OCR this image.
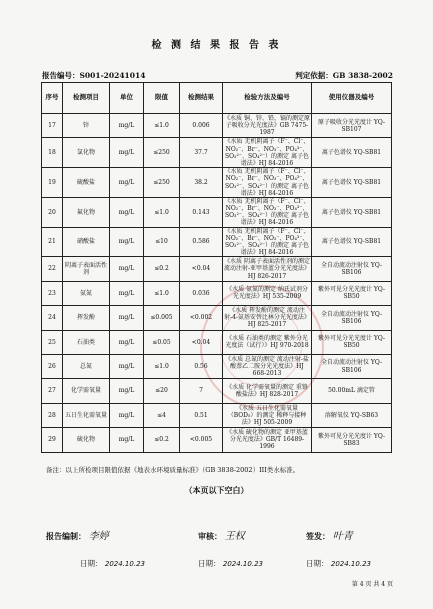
检 测 结 果 报 告 表
报告编号：S001-20241014	判定依据：GB 3838-2002
序号	检测项目	单位	限值	检测结果	检验方法及编号	使用仪器及编号
17	锌	mg/L	≤1.0	0.006	《水质 铜、锌、铅、镉的测定原子吸收分光光度法》GB 7475-1987	原子吸收分光光度计 YQ-SB107
18	氯化物	mg/L	≤250	37.7	《水质 无机阴离子（F⁻、Cl⁻、NO₂⁻、Br⁻、NO₃⁻、PO₄³⁻、SO₃²⁻、SO₄²⁻）的测定 离子色谱法》HJ 84-2016	离子色谱仪 YQ-SB81
19	硫酸盐	mg/L	≤250	38.2	《水质 无机阴离子（F⁻、Cl⁻、NO₂⁻、Br⁻、NO₃⁻、PO₄³⁻、SO₃²⁻、SO₄²⁻）的测定 离子色谱法》HJ 84-2016	离子色谱仪 YQ-SB81
20	氟化物	mg/L	≤1.0	0.143	《水质 无机阴离子（F⁻、Cl⁻、NO₂⁻、Br⁻、NO₃⁻、PO₄³⁻、SO₃²⁻、SO₄²⁻）的测定 离子色谱法》HJ 84-2016	离子色谱仪 YQ-SB81
21	硝酸盐	mg/L	≤10	0.586	《水质 无机阴离子（F⁻、Cl⁻、NO₂⁻、Br⁻、NO₃⁻、PO₄³⁻、SO₃²⁻、SO₄²⁻）的测定 离子色谱法》HJ 84-2016	离子色谱仪 YQ-SB81
22	阴离子表面活性剂	mg/L	≤0.2	<0.04	《水质 阴离子表面活性剂的测定 流动注射-亚甲基蓝分光光度法》HJ 826-2017	全自动流动注射仪 YQ-SB106
23	氨氮	mg/L	≤1.0	0.036	《水质 氨氮的测定 纳氏试剂分光光度法》HJ 535-2009	紫外可见分光光度计 YQ-SB50
24	挥发酚	mg/L	≤0.005	<0.002	《水质 挥发酚的测定 流动注射-4-氨基安替比林分光光度法》HJ 825-2017	全自动流动注射仪 YQ-SB106
25	石油类	mg/L	≤0.05	<0.04	《水质 石油类的测定 紫外分光光度法（试行）》HJ 970-2018	紫外可见分光光度计 YQ-SB50
26	总氮	mg/L	≤1.0	0.56	《水质 总氮的测定 流动注射-盐酸萘乙二胺分光光度法》HJ 668-2013	全自动流动注射仪 YQ-SB106
27	化学需氧量	mg/L	≤20	7	《水质 化学需氧量的测定 重铬酸盐法》HJ 828-2017	50.00mL 滴定管
28	五日生化需氧量	mg/L	≤4	0.51	《水质 五日生化需氧量（BOD₅）的测定 稀释与接种法》HJ 505-2009	溶解氧仪 YQ-SB63
29	硫化物	mg/L	≤0.2	<0.005	《水质 硫化物的测定 亚甲基蓝分光光度法》GB/T 16489-1996	紫外可见分光光度计 YQ-SB83
备注：以上所检项目限值依据《地表水环境质量标准》（GB 3838-2002）III类水标准。
（本页以下空白）
报告编制： 李婷	审核： 王权	签发： 叶青
日期： 2024.10.23	日期： 2024.10.23	日期： 2024.10.23
第 4 页 共 4 页
